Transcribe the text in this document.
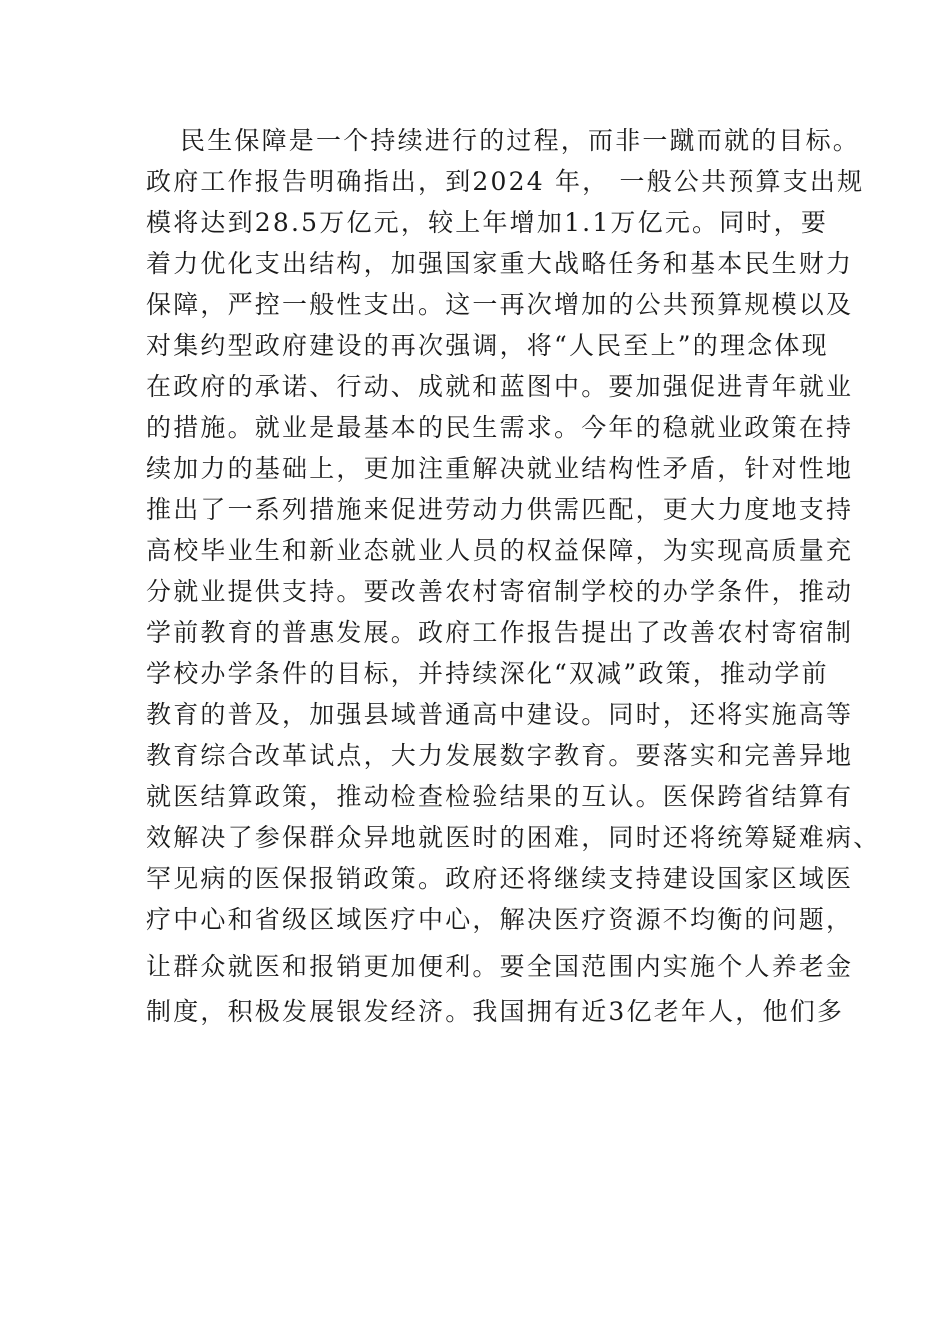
民生保障是一个持续进行的过程，而非一蹴而就的目标。
政府工作报告明确指出，到2024 年， 一般公共预算支出规
模将达到28.5万亿元，较上年增加1.1万亿元。同时，要
着力优化支出结构，加强国家重大战略任务和基本民生财力
保障，严控一般性支出。这一再次增加的公共预算规模以及
对集约型政府建设的再次强调，将“人民至上”的理念体现
在政府的承诺、行动、成就和蓝图中。要加强促进青年就业
的措施。就业是最基本的民生需求。今年的稳就业政策在持
续加力的基础上，更加注重解决就业结构性矛盾，针对性地
推出了一系列措施来促进劳动力供需匹配，更大力度地支持
高校毕业生和新业态就业人员的权益保障，为实现高质量充
分就业提供支持。要改善农村寄宿制学校的办学条件，推动
学前教育的普惠发展。政府工作报告提出了改善农村寄宿制
学校办学条件的目标，并持续深化“双减”政策，推动学前
教育的普及，加强县域普通高中建设。同时，还将实施高等
教育综合改革试点，大力发展数字教育。要落实和完善异地
就医结算政策，推动检查检验结果的互认。医保跨省结算有
效解决了参保群众异地就医时的困难，同时还将统筹疑难病、
罕见病的医保报销政策。政府还将继续支持建设国家区域医
疗中心和省级区域医疗中心，解决医疗资源不均衡的问题，
让群众就医和报销更加便利。要全国范围内实施个人养老金
制度，积极发展银发经济。我国拥有近3亿老年人，他们多
